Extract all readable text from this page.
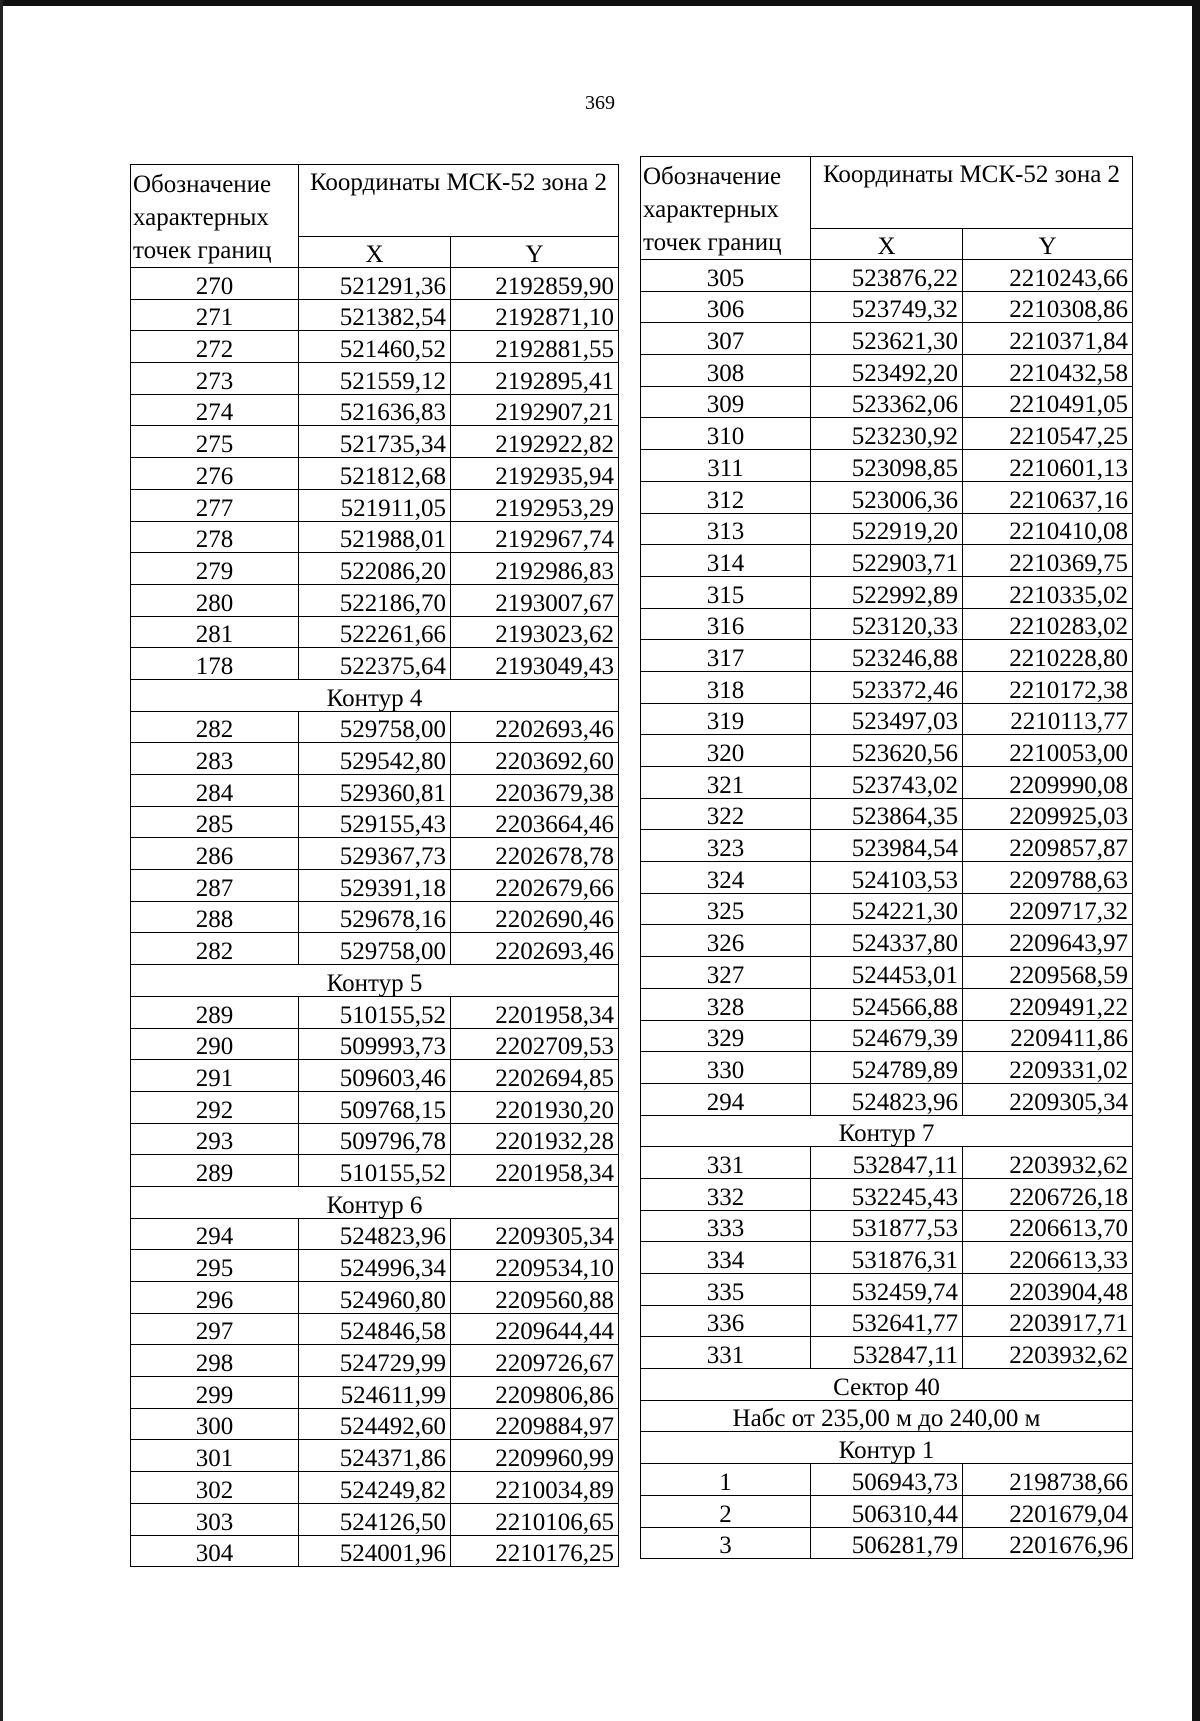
369
Обозначение характерных точек границ	Координаты МСК-52 зона 2	

	X	Y
270	521291,36	2192859,90
271	521382,54	2192871,10
272	521460,52	2192881,55
273	521559,12	2192895,41
274	521636,83	2192907,21
275	521735,34	2192922,82
276	521812,68	2192935,94
277	521911,05	2192953,29
278	521988,01	2192967,74
279	522086,20	2192986,83
280	522186,70	2193007,67
281	522261,66	2193023,62
178	522375,64	2193049,43
Контур 4		
282	529758,00	2202693,46
283	529542,80	2203692,60
284	529360,81	2203679,38
285	529155,43	2203664,46
286	529367,73	2202678,78
287	529391,18	2202679,66
288	529678,16	2202690,46
282	529758,00	2202693,46
Контур 5		
289	510155,52	2201958,34
290	509993,73	2202709,53
291	509603,46	2202694,85
292	509768,15	2201930,20
293	509796,78	2201932,28
289	510155,52	2201958,34
Контур 6		
294	524823,96	2209305,34
295	524996,34	2209534,10
296	524960,80	2209560,88
297	524846,58	2209644,44
298	524729,99	2209726,67
299	524611,99	2209806,86
300	524492,60	2209884,97
301	524371,86	2209960,99
302	524249,82	2210034,89
303	524126,50	2210106,65
304	524001,96	2210176,25
Обозначение характерных точек границ	Координаты МСК-52 зона 2	

	X	Y
305	523876,22	2210243,66
306	523749,32	2210308,86
307	523621,30	2210371,84
308	523492,20	2210432,58
309	523362,06	2210491,05
310	523230,92	2210547,25
311	523098,85	2210601,13
312	523006,36	2210637,16
313	522919,20	2210410,08
314	522903,71	2210369,75
315	522992,89	2210335,02
316	523120,33	2210283,02
317	523246,88	2210228,80
318	523372,46	2210172,38
319	523497,03	2210113,77
320	523620,56	2210053,00
321	523743,02	2209990,08
322	523864,35	2209925,03
323	523984,54	2209857,87
324	524103,53	2209788,63
325	524221,30	2209717,32
326	524337,80	2209643,97
327	524453,01	2209568,59
328	524566,88	2209491,22
329	524679,39	2209411,86
330	524789,89	2209331,02
294	524823,96	2209305,34
Контур 7		
331	532847,11	2203932,62
332	532245,43	2206726,18
333	531877,53	2206613,70
334	531876,31	2206613,33
335	532459,74	2203904,48
336	532641,77	2203917,71
331	532847,11	2203932,62
Сектор 40		
Набс от 235,00 м до 240,00 м		
Контур 1		
1	506943,73	2198738,66
2	506310,44	2201679,04
3	506281,79	2201676,96
